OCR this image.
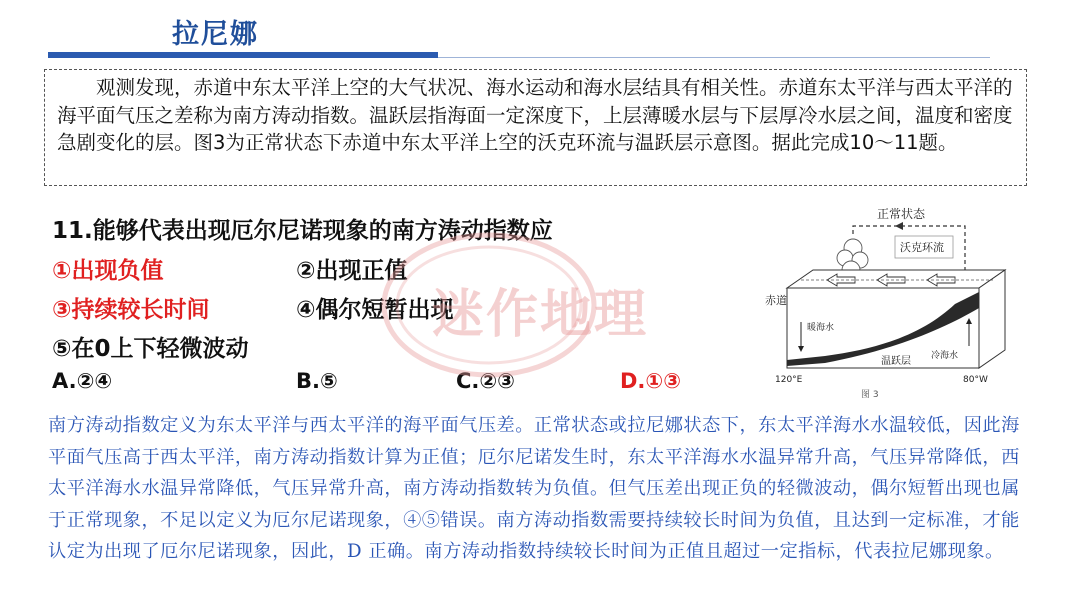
拉尼娜
观测发现，赤道中东太平洋上空的大气状况、海水运动和海水层结具有相关性。赤道东太平洋与西太平洋的海平面气压之差称为南方涛动指数。温跃层指海面一定深度下，上层薄暖水层与下层厚冷水层之间，温度和密度急剧变化的层。图3为正常状态下赤道中东太平洋上空的沃克环流与温跃层示意图。据此完成10～11题。
11.能够代表出现厄尔尼诺现象的南方涛动指数应
①出现负值	②出现正值
③持续较长时间	④偶尔短暂出现
⑤在0上下轻微波动
A.②④	B.⑤	C.②③	D.①③
迷作地理
正常状态
沃克环流
赤道
暖海水
温跃层 冷海水
120°E	80°W
图 3
南方涛动指数定义为东太平洋与西太平洋的海平面气压差。正常状态或拉尼娜状态下，东太平洋海水水温较低，因此海平面气压高于西太平洋，南方涛动指数计算为正值；厄尔尼诺发生时，东太平洋海水水温异常升高，气压异常降低，西太平洋海水水温异常降低，气压异常升高，南方涛动指数转为负值。但气压差出现正负的轻微波动，偶尔短暂出现也属于正常现象，不足以定义为厄尔尼诺现象，④⑤错误。南方涛动指数需要持续较长时间为负值，且达到一定标准，才能认定为出现了厄尔尼诺现象，因此，D 正确。南方涛动指数持续较长时间为正值且超过一定指标，代表拉尼娜现象。
